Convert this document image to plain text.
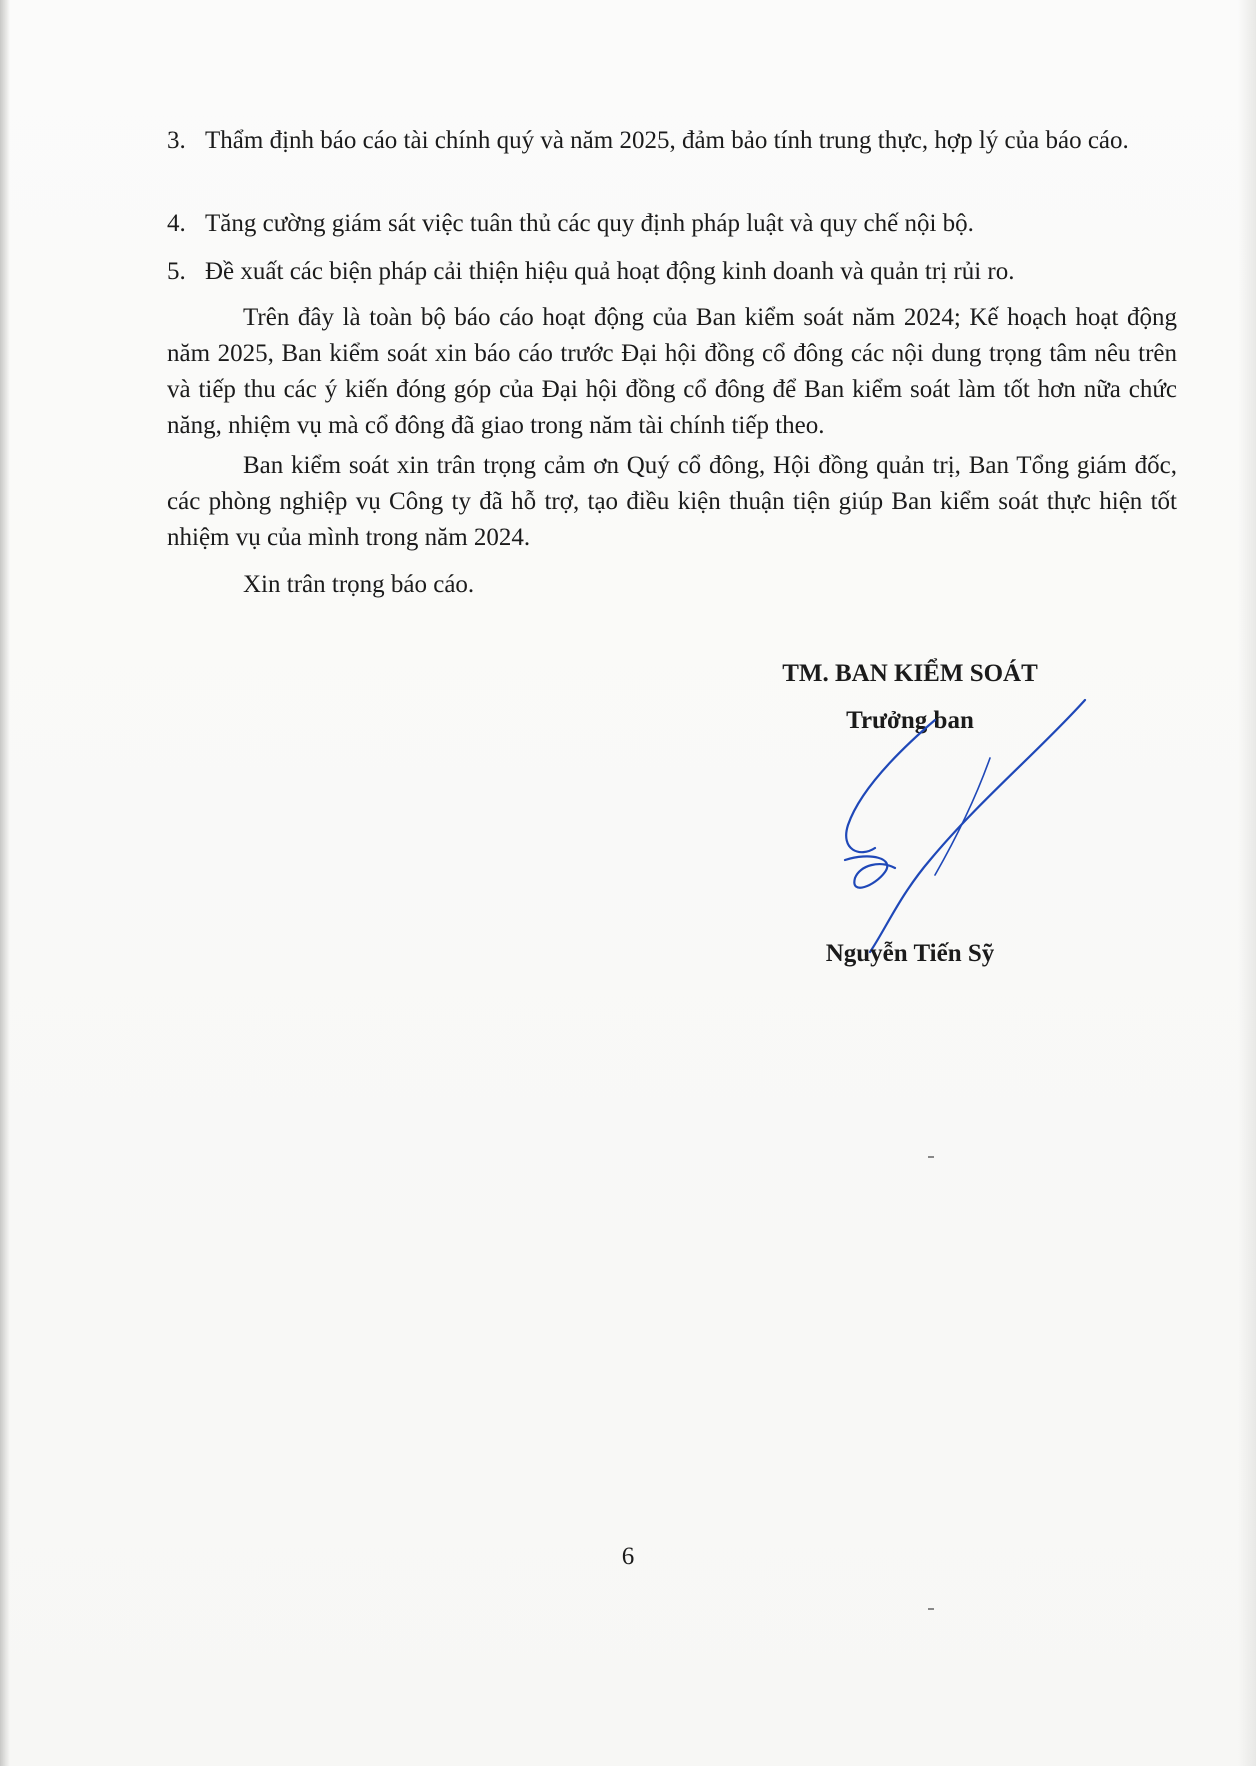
3. Thẩm định báo cáo tài chính quý và năm 2025, đảm bảo tính trung thực, hợp lý của báo cáo.
4. Tăng cường giám sát việc tuân thủ các quy định pháp luật và quy chế nội bộ.
5. Đề xuất các biện pháp cải thiện hiệu quả hoạt động kinh doanh và quản trị rủi ro.

Trên đây là toàn bộ báo cáo hoạt động của Ban kiểm soát năm 2024; Kế hoạch hoạt động năm 2025, Ban kiểm soát xin báo cáo trước Đại hội đồng cổ đông các nội dung trọng tâm nêu trên và tiếp thu các ý kiến đóng góp của Đại hội đồng cổ đông để Ban kiểm soát làm tốt hơn nữa chức năng, nhiệm vụ mà cổ đông đã giao trong năm tài chính tiếp theo.

Ban kiểm soát xin trân trọng cảm ơn Quý cổ đông, Hội đồng quản trị, Ban Tổng giám đốc, các phòng nghiệp vụ Công ty đã hỗ trợ, tạo điều kiện thuận tiện giúp Ban kiểm soát thực hiện tốt nhiệm vụ của mình trong năm 2024.

Xin trân trọng báo cáo.

TM. BAN KIỂM SOÁT
Trưởng ban
Nguyễn Tiến Sỹ
6
